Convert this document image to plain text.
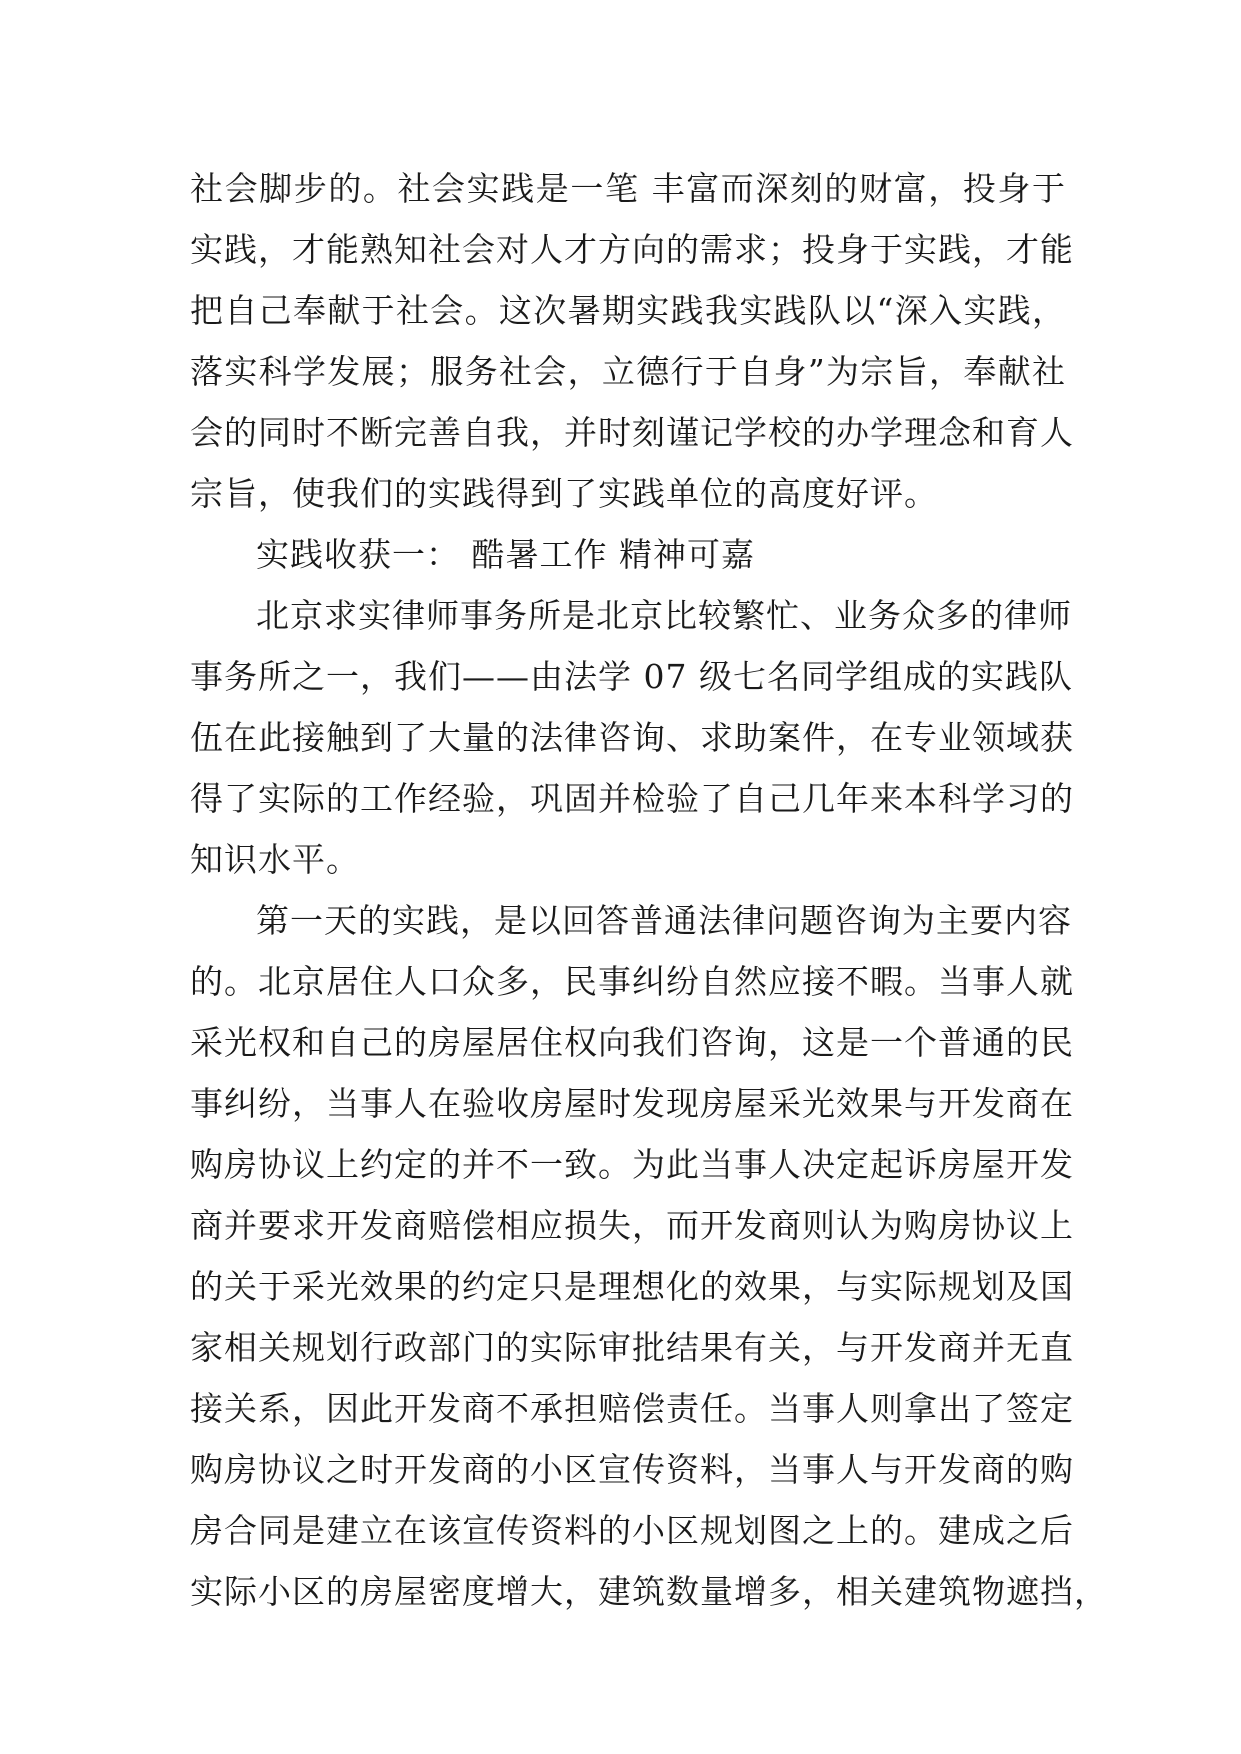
社会脚步的。社会实践是一笔 丰富而深刻的财富，投身于
实践，才能熟知社会对人才方向的需求；投身于实践，才能
把自己奉献于社会。这次暑期实践我实践队以“深入实践，
落实科学发展；服务社会，立德行于自身”为宗旨，奉献社
会的同时不断完善自我，并时刻谨记学校的办学理念和育人
宗旨，使我们的实践得到了实践单位的高度好评。
实践收获一： 酷暑工作 精神可嘉
北京求实律师事务所是北京比较繁忙、业务众多的律师
事务所之一，我们——由法学 07 级七名同学组成的实践队
伍在此接触到了大量的法律咨询、求助案件，在专业领域获
得了实际的工作经验，巩固并检验了自己几年来本科学习的
知识水平。
第一天的实践，是以回答普通法律问题咨询为主要内容
的。北京居住人口众多，民事纠纷自然应接不暇。当事人就
采光权和自己的房屋居住权向我们咨询，这是一个普通的民
事纠纷，当事人在验收房屋时发现房屋采光效果与开发商在
购房协议上约定的并不一致。为此当事人决定起诉房屋开发
商并要求开发商赔偿相应损失，而开发商则认为购房协议上
的关于采光效果的约定只是理想化的效果，与实际规划及国
家相关规划行政部门的实际审批结果有关，与开发商并无直
接关系，因此开发商不承担赔偿责任。当事人则拿出了签定
购房协议之时开发商的小区宣传资料，当事人与开发商的购
房合同是建立在该宣传资料的小区规划图之上的。建成之后
实际小区的房屋密度增大，建筑数量增多，相关建筑物遮挡，
